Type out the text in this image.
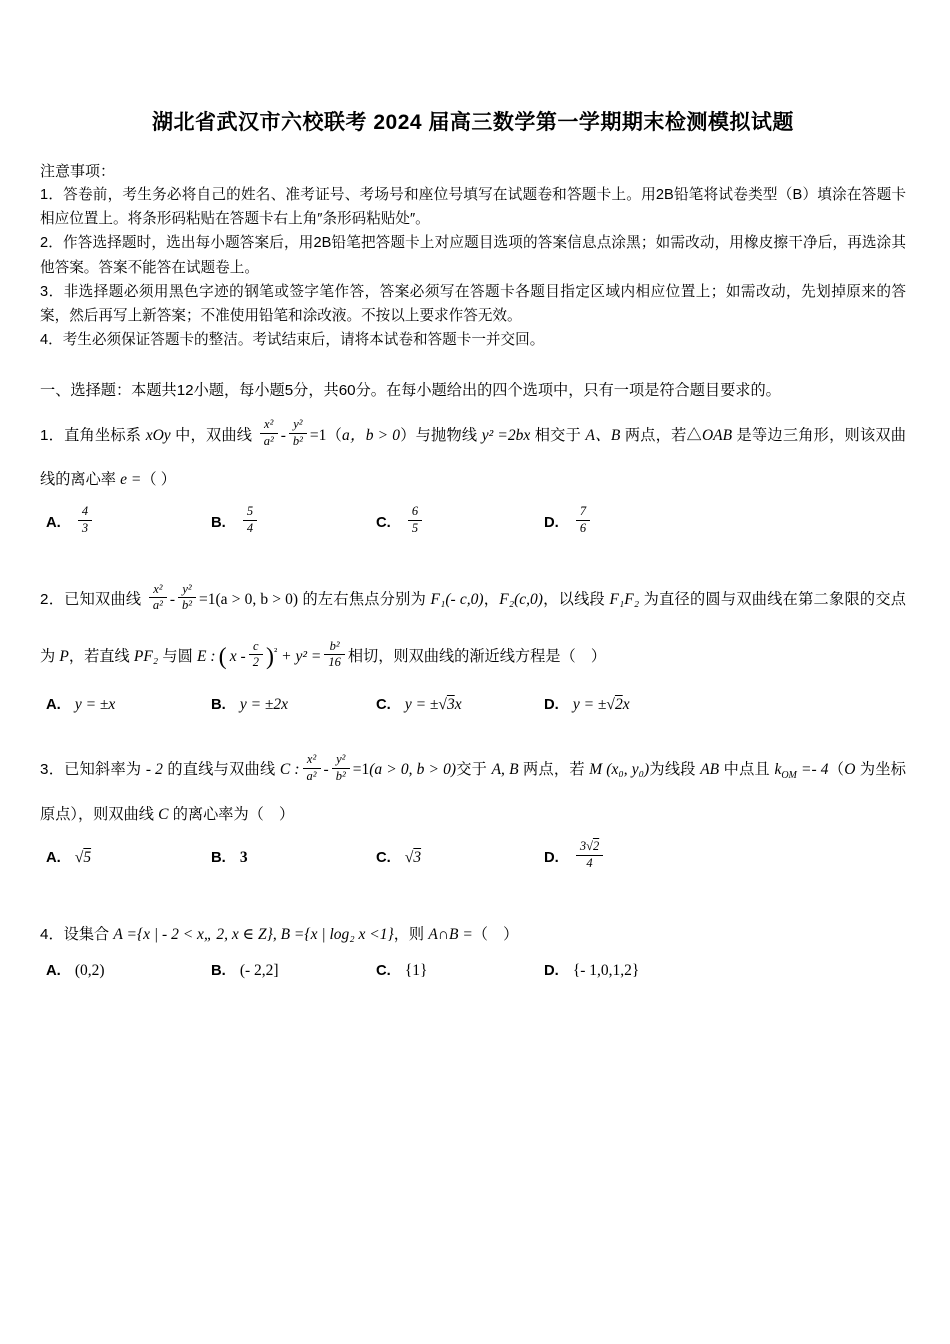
湖北省武汉市六校联考 2024 届高三数学第一学期期末检测模拟试题

注意事项：

1．答卷前，考生务必将自己的姓名、准考证号、考场号和座位号填写在试题卷和答题卡上。用2B铅笔将试卷类型（B）填涂在答题卡相应位置上。将条形码粘贴在答题卡右上角″条形码粘贴处″。

2．作答选择题时，选出每小题答案后，用2B铅笔把答题卡上对应题目选项的答案信息点涂黑；如需改动，用橡皮擦干净后，再选涂其他答案。答案不能答在试题卷上。

3．非选择题必须用黑色字迹的钢笔或签字笔作答，答案必须写在答题卡各题目指定区域内相应位置上；如需改动，先划掉原来的答案，然后再写上新答案；不准使用铅笔和涂改液。不按以上要求作答无效。

4．考生必须保证答题卡的整洁。考试结束后，请将本试卷和答题卡一并交回。

一、选择题：本题共12小题，每小题5分，共60分。在每小题给出的四个选项中，只有一项是符合题目要求的。

1．直角坐标系 xOy 中，双曲线 $\frac{\text{x²}}{\text{a²}} - \frac{\text{y²}}{\text{b²}} =1(a$，b > 0）与抛物线 y² =2bx 相交于 A、B 两点，若△OAB 是等边三角形，则该双曲线的离心率 e =（ ）

A. $\frac{4}{3}$	B. $\frac{5}{4}$	C. $\frac{6}{5}$	D. $\frac{7}{6}$

2．已知双曲线 $\frac{\text{x²}}{\text{a²}} - \frac{\text{y²}}{\text{b²}} =1(a > 0$, b > 0) 的左右焦点分别为 F₁(- c,0)，F₂(c,0)，以线段 F₁F₂ 为直径的圆与双曲线在第二象限的交点为 P，若直线 PF₂ 与圆 E :  (  $x - \frac{c}{2} )^{^2} + y^2 = \frac{\text{b²}}{16}$ 相切，则双曲线的渐近线方程是（　）

A. y = ±x	B. y = ±2x	C. y = ±√3x	D. y = ±√2x

3．已知斜率为 - 2 的直线与双曲线 C : $\frac{\text{x²}}{\text{a²}} - \frac{\text{y²}}{\text{b²}} =1(a > 0$, b > 0)交于 A, B 两点，若 M (x₀, y₀)为线段 AB 中点且 $k_{OM} =- 4(O$ 为坐标原点），则双曲线 C 的离心率为（　）

A. √5	B. 3	C. √3	D. $\frac{3√2}{4}$

4．设集合 A ={x | - 2 < x„ 2, x ∈ Z}, B ={x | log₂ x <1}，则 A∩B =（　）

A. (0,2)	B. (- 2,2]	C. {1}	D. {- 1,0,1,2}
